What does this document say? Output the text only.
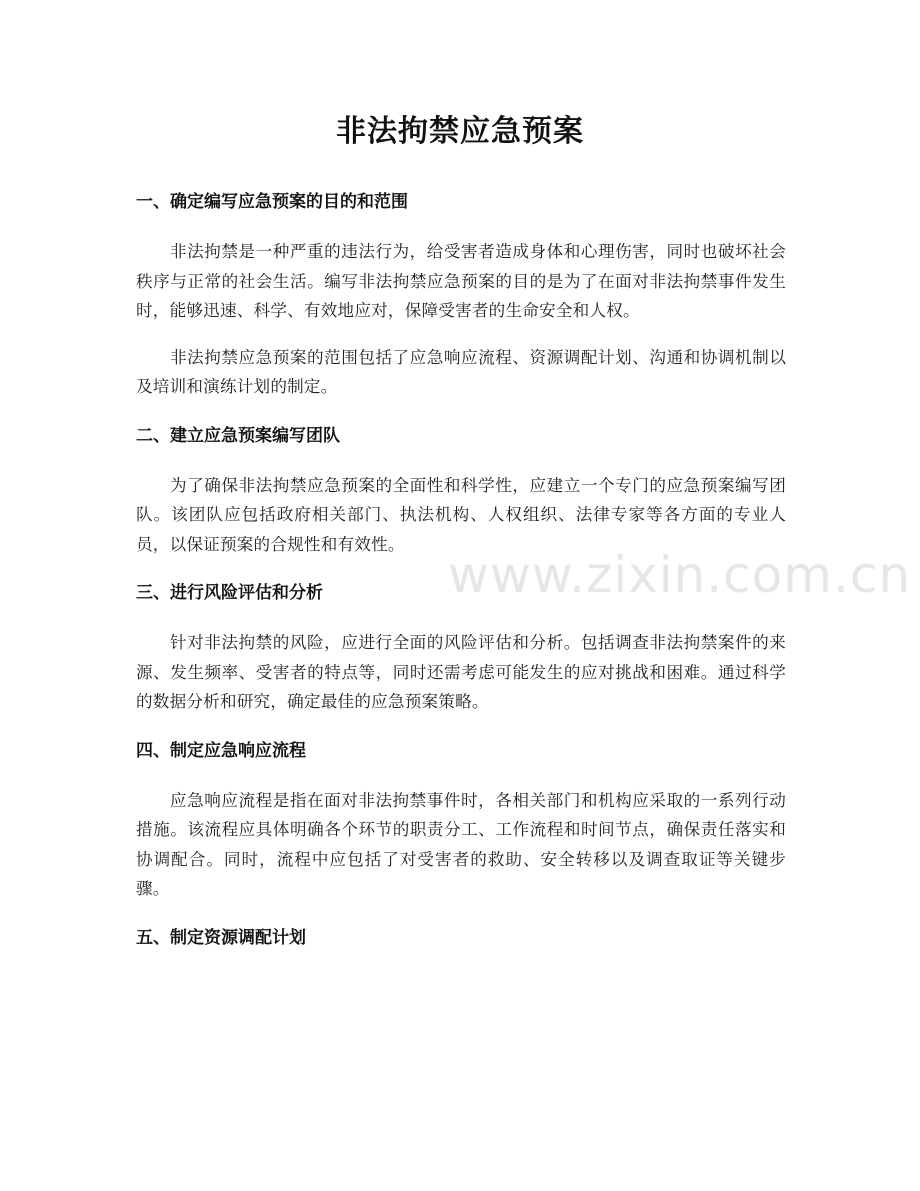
非法拘禁应急预案
一、确定编写应急预案的目的和范围

非法拘禁是一种严重的违法行为，给受害者造成身体和心理伤害，同时也破坏社会秩序与正常的社会生活。编写非法拘禁应急预案的目的是为了在面对非法拘禁事件发生时，能够迅速、科学、有效地应对，保障受害者的生命安全和人权。

非法拘禁应急预案的范围包括了应急响应流程、资源调配计划、沟通和协调机制以及培训和演练计划的制定。

二、建立应急预案编写团队

为了确保非法拘禁应急预案的全面性和科学性，应建立一个专门的应急预案编写团队。该团队应包括政府相关部门、执法机构、人权组织、法律专家等各方面的专业人员，以保证预案的合规性和有效性。

三、进行风险评估和分析

针对非法拘禁的风险，应进行全面的风险评估和分析。包括调查非法拘禁案件的来源、发生频率、受害者的特点等，同时还需考虑可能发生的应对挑战和困难。通过科学的数据分析和研究，确定最佳的应急预案策略。

四、制定应急响应流程

应急响应流程是指在面对非法拘禁事件时，各相关部门和机构应采取的一系列行动措施。该流程应具体明确各个环节的职责分工、工作流程和时间节点，确保责任落实和协调配合。同时，流程中应包括了对受害者的救助、安全转移以及调查取证等关键步骤。

五、制定资源调配计划
www.zixin.com.cn
